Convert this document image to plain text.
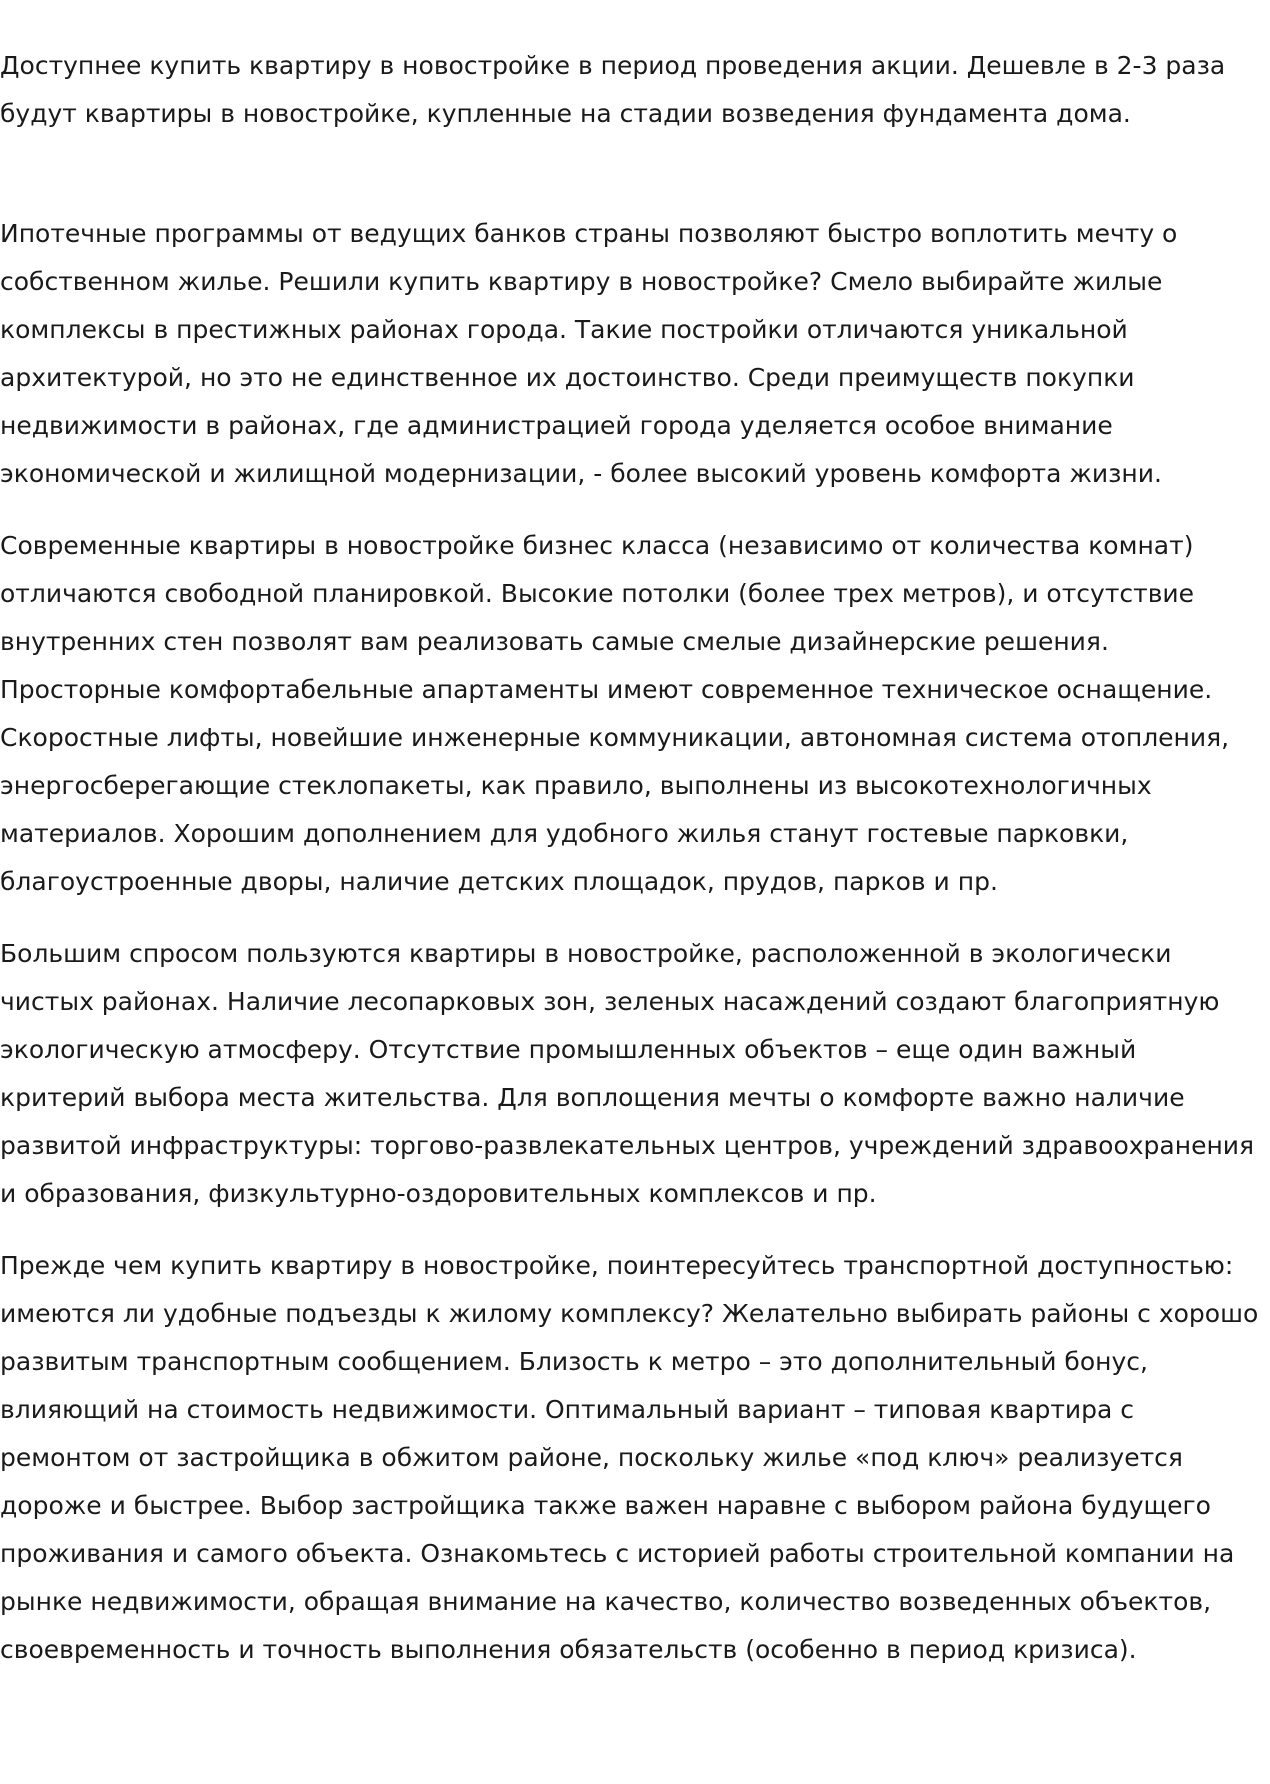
Доступнее купить квартиру в новостройке в период проведения акции. Дешевле в 2-3 раза будут квартиры в новостройке, купленные на стадии возведения фундамента дома.

Ипотечные программы от ведущих банков страны позволяют быстро воплотить мечту о собственном жилье. Решили купить квартиру в новостройке? Смело выбирайте жилые комплексы в престижных районах города. Такие постройки отличаются уникальной архитектурой, но это не единственное их достоинство. Среди преимуществ покупки недвижимости в районах, где администрацией города уделяется особое внимание экономической и жилищной модернизации, - более высокий уровень комфорта жизни.

Современные квартиры в новостройке бизнес класса (независимо от количества комнат) отличаются свободной планировкой. Высокие потолки (более трех метров), и отсутствие внутренних стен позволят вам реализовать самые смелые дизайнерские решения. Просторные комфортабельные апартаменты имеют современное техническое оснащение. Скоростные лифты, новейшие инженерные коммуникации, автономная система отопления, энергосберегающие стеклопакеты, как правило, выполнены из высокотехнологичных материалов. Хорошим дополнением для удобного жилья станут гостевые парковки, благоустроенные дворы, наличие детских площадок, прудов, парков и пр.

Большим спросом пользуются квартиры в новостройке, расположенной в экологически чистых районах. Наличие лесопарковых зон, зеленых насаждений создают благоприятную экологическую атмосферу. Отсутствие промышленных объектов – еще один важный критерий выбора места жительства. Для воплощения мечты о комфорте важно наличие развитой инфраструктуры: торгово-развлекательных центров, учреждений здравоохранения и образования, физкультурно-оздоровительных комплексов и пр.

Прежде чем купить квартиру в новостройке, поинтересуйтесь транспортной доступностью: имеются ли удобные подъезды к жилому комплексу? Желательно выбирать районы с хорошо развитым транспортным сообщением. Близость к метро – это дополнительный бонус, влияющий на стоимость недвижимости. Оптимальный вариант – типовая квартира с ремонтом от застройщика в обжитом районе, поскольку жилье «под ключ» реализуется дороже и быстрее. Выбор застройщика также важен наравне с выбором района будущего проживания и самого объекта. Ознакомьтесь с историей работы строительной компании на рынке недвижимости, обращая внимание на качество, количество возведенных объектов, своевременность и точность выполнения обязательств (особенно в период кризиса).
